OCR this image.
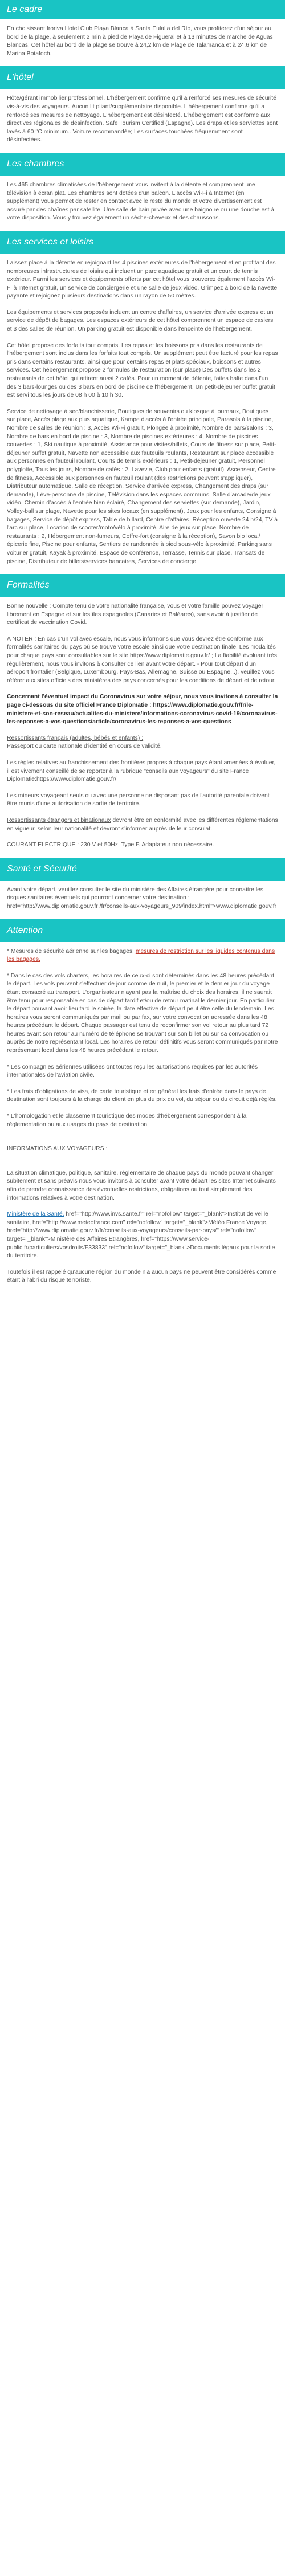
Le cadre

En choisissant Iroriva Hotel Club Playa Blanca à Santa Eulalia del Río, vous profiterez d'un séjour au bord de la plage, à seulement 2 min à pied de Playa de Figueral et à 13 minutes de marche de Aguas Blancas. Cet hôtel au bord de la plage se trouve à 24,2 km de Plage de Talamanca et à 24,6 km de Marina Botafoch.

L'hôtel

Hôte/gérant immobilier professionnel. L'hébergement confirme qu'il a renforcé ses mesures de sécurité vis-à-vis des voyageurs. Aucun lit pliant/supplémentaire disponible. L'hébergement confirme qu'il a renforcé ses mesures de nettoyage. L'hébergement est désinfecté. L'hébergement est conforme aux directives régionales de désinfection. Safe Tourism Certified (Espagne). Les draps et les serviettes sont lavés à 60 °C minimum.. Voiture recommandée; Les surfaces touchées fréquemment sont désinfectées.

Les chambres

Les 465 chambres climatisées de l'hébergement vous invitent à la détente et comprennent une télévision à écran plat. Les chambres sont dotées d'un balcon. L'accès Wi-Fi à Internet (en supplément) vous permet de rester en contact avec le reste du monde et votre divertissement est assuré par des chaînes par satellite. Une salle de bain privée avec une baignoire ou une douche est à votre disposition. Vous y trouvez également un sèche-cheveux et des chaussons.

Les services et loisirs

Laissez place à la détente en rejoignant les 4 piscines extérieures de l'hébergement et en profitant des nombreuses infrastructures de loisirs qui incluent un parc aquatique gratuit et un court de tennis extérieur. Parmi les services et équipements offerts par cet hôtel vous trouverez également l'accès Wi-Fi à Internet gratuit, un service de conciergerie et une salle de jeux vidéo. Grimpez à bord de la navette payante et rejoignez plusieurs destinations dans un rayon de 50 mètres.

Les équipements et services proposés incluent un centre d'affaires, un service d'arrivée express et un service de dépôt de bagages. Les espaces extérieurs de cet hôtel comprennent un espace de casiers et 3 des salles de réunion. Un parking gratuit est disponible dans l'enceinte de l'hébergement.

Cet hôtel propose des forfaits tout compris. Les repas et les boissons pris dans les restaurants de l'hébergement sont inclus dans les forfaits tout compris. Un supplément peut être facturé pour les repas pris dans certains restaurants, ainsi que pour certains repas et plats spéciaux, boissons et autres services. Cet hébergement propose 2 formules de restauration (sur place) Des buffets dans les 2 restaurants de cet hôtel qui attirent aussi 2 cafés. Pour un moment de détente, faites halte dans l'un des 3 bars-lounges ou des 3 bars en bord de piscine de l'hébergement. Un petit-déjeuner buffet gratuit est servi tous les jours de 08 h 00 à 10 h 30.

Service de nettoyage à sec/blanchisserie, Boutiques de souvenirs ou kiosque à journaux, Boutiques sur place, Accès plage aux plus aquatique, Kampe d'accès à l'entrée principale, Parasols à la piscine, Nombre de salles de réunion : 3, Accès Wi-Fi gratuit, Plongée à proximité, Nombre de bars/salons : 3, Nombre de bars en bord de piscine : 3, Nombre de piscines extérieures : 4, Nombre de piscines couvertes : 1, Ski nautique à proximité, Assistance pour visites/billets, Cours de fitness sur place, Petit-déjeuner buffet gratuit, Navette non accessible aux fauteuils roulants, Restaurant sur place accessible aux personnes en fauteuil roulant, Courts de tennis extérieurs : 1, Petit-déjeuner gratuit, Personnel polyglotte, Tous les jours, Nombre de cafés : 2, Lavevie, Club pour enfants (gratuit), Ascenseur, Centre de fitness, Accessible aux personnes en fauteuil roulant (des restrictions peuvent s'appliquer), Distributeur automatique, Salle de réception, Service d'arrivée express, Changement des draps (sur demande), Lève-personne de piscine, Télévision dans les espaces communs, Salle d'arcade/de jeux vidéo, Chemin d'accès à l'entrée bien éclairé, Changement des serviettes (sur demande), Jardin, Volley-ball sur plage, Navette pour les sites locaux (en supplément), Jeux pour les enfants, Consigne à bagages, Service de dépôt express, Table de billard, Centre d'affaires, Réception ouverte 24 h/24, TV à l'arc sur place, Location de scooter/moto/vélo à proximité, Aire de jeux sur place, Nombre de restaurants : 2, Hébergement non-fumeurs, Coffre-fort (consigne à la réception), Savon bio local/épicerie fine, Piscine pour enfants, Sentiers de randonnée à pied sous-vélo à proximité, Parking sans voiturier gratuit, Kayak à proximité, Espace de conférence, Terrasse, Tennis sur place, Transats de piscine, Distributeur de billets/services bancaires, Services de concierge

Formalités

Bonne nouvelle : Compte tenu de votre nationalité française, vous et votre famille pouvez voyager librement en Espagne et sur les îles espagnoles (Canaries et Baléares), sans avoir à justifier de certificat de vaccination Covid.

A NOTER : En cas d'un vol avec escale, nous vous informons que vous devrez être conforme aux formalités sanitaires du pays où se trouve votre escale ainsi que votre destination finale. Les modalités pour chaque pays sont consultables sur le site https://www.diplomatie.gouv.fr/ ; La fiabilité évoluant très régulièrement, nous vous invitons à consulter ce lien avant votre départ. - Pour tout départ d'un aéroport frontalier (Belgique, Luxembourg, Pays-Bas, Allemagne, Suisse ou Espagne...), veuillez vous référer aux sites officiels des ministères des pays concernés pour les conditions de départ et de retour.

Concernant l'éventuel impact du Coronavirus sur votre séjour, nous vous invitons à consulter la page ci-dessous du site officiel France Diplomatie : https://www.diplomatie.gouv.fr/fr/le-ministere-et-son-reseau/actualites-du-ministere/informations-coronavirus-covid-19/coronavirus-les-reponses-a-vos-questions/article/coronavirus-les-reponses-a-vos-questions

Ressortissants français (adultes, bébés et enfants) :
Passeport ou carte nationale d'identité en cours de validité.

Les règles relatives au franchissement des frontières propres à chaque pays étant amenées à évoluer, il est vivement conseillé de se reporter à la rubrique "conseils aux voyageurs" du site France Diplomatie:https://www.diplomatie.gouv.fr/

Les mineurs voyageant seuls ou avec une personne ne disposant pas de l'autorité parentale doivent être munis d'une autorisation de sortie de territoire.

Ressortissants étrangers et binationaux devront être en conformité avec les différentes réglementations en vigueur, selon leur nationalité et devront s'informer auprès de leur consulat.

COURANT ELECTRIQUE : 230 V et 50Hz. Type F. Adaptateur non nécessaire.

Santé et Sécurité

Avant votre départ, veuillez consulter le site du ministère des Affaires étrangère pour connaître les risques sanitaires éventuels qui pourront concerner votre destination : href="http://www.diplomatie.gouv.fr /fr/conseils-aux-voyageurs_909/index.html">www.diplomatie.gouv.fr

Attention

* Mesures de sécurité aérienne sur les bagages: mesures de restriction sur les liquides contenus dans les bagages.

* Dans le cas des vols charters, les horaires de ceux-ci sont déterminés dans les 48 heures précédant le départ. Les vols peuvent s'effectuer de jour comme de nuit, le premier et le dernier jour du voyage étant consacré au transport. L'organisateur n'ayant pas la maîtrise du choix des horaires, il ne saurait être tenu pour responsable en cas de départ tardif et/ou de retour matinal le dernier jour. En particulier, le départ pouvant avoir lieu tard le soirée, la date effective de départ peut être celle du lendemain. Les horaires vous seront communiqués par mail ou par fax, sur votre convocation adressée dans les 48 heures précédant le départ. Chaque passager est tenu de reconfirmer son vol retour au plus tard 72 heures avant son retour au numéro de téléphone se trouvant sur son billet ou sur sa convocation ou auprès de notre représentant local. Les horaires de retour définitifs vous seront communiqués par notre représentant local dans les 48 heures précédant le retour.

* Les compagnies aériennes utilisées ont toutes reçu les autorisations requises par les autorités internationales de l'aviation civile.

* Les frais d'obligations de visa, de carte touristique et en général les frais d'entrée dans le pays de destination sont toujours à la charge du client en plus du prix du vol, du séjour ou du circuit déjà réglés.

* L'homologation et le classement touristique des modes d'hébergement correspondent à la réglementation ou aux usages du pays de destination.

INFORMATIONS AUX VOYAGEURS :

La situation climatique, politique, sanitaire, réglementaire de chaque pays du monde pouvant changer subitement et sans préavis nous vous invitons à consulter avant votre départ les sites Internet suivants afin de prendre connaissance des éventuelles restrictions, obligations ou tout simplement des informations relatives à votre destination.

Ministère de la Santé, href="http://www.invs.sante.fr" rel="nofollow" target="_blank">Institut de veille sanitaire, href="http://www.meteofrance.com" rel="nofollow" target="_blank">Météo France Voyage, href="http://www.diplomatie.gouv.fr/fr/conseils-aux-voyageurs/conseils-par-pays/" rel="nofollow" target="_blank">Ministère des Affaires Etrangères, href="https://www.service-public.fr/particuliers/vosdroits/F33833" rel="nofollow" target="_blank">Documents légaux pour la sortie du territoire.

Toutefois il est rappelé qu'aucune région du monde n'a aucun pays ne peuvent être considérés comme étant à l'abri du risque terroriste.
